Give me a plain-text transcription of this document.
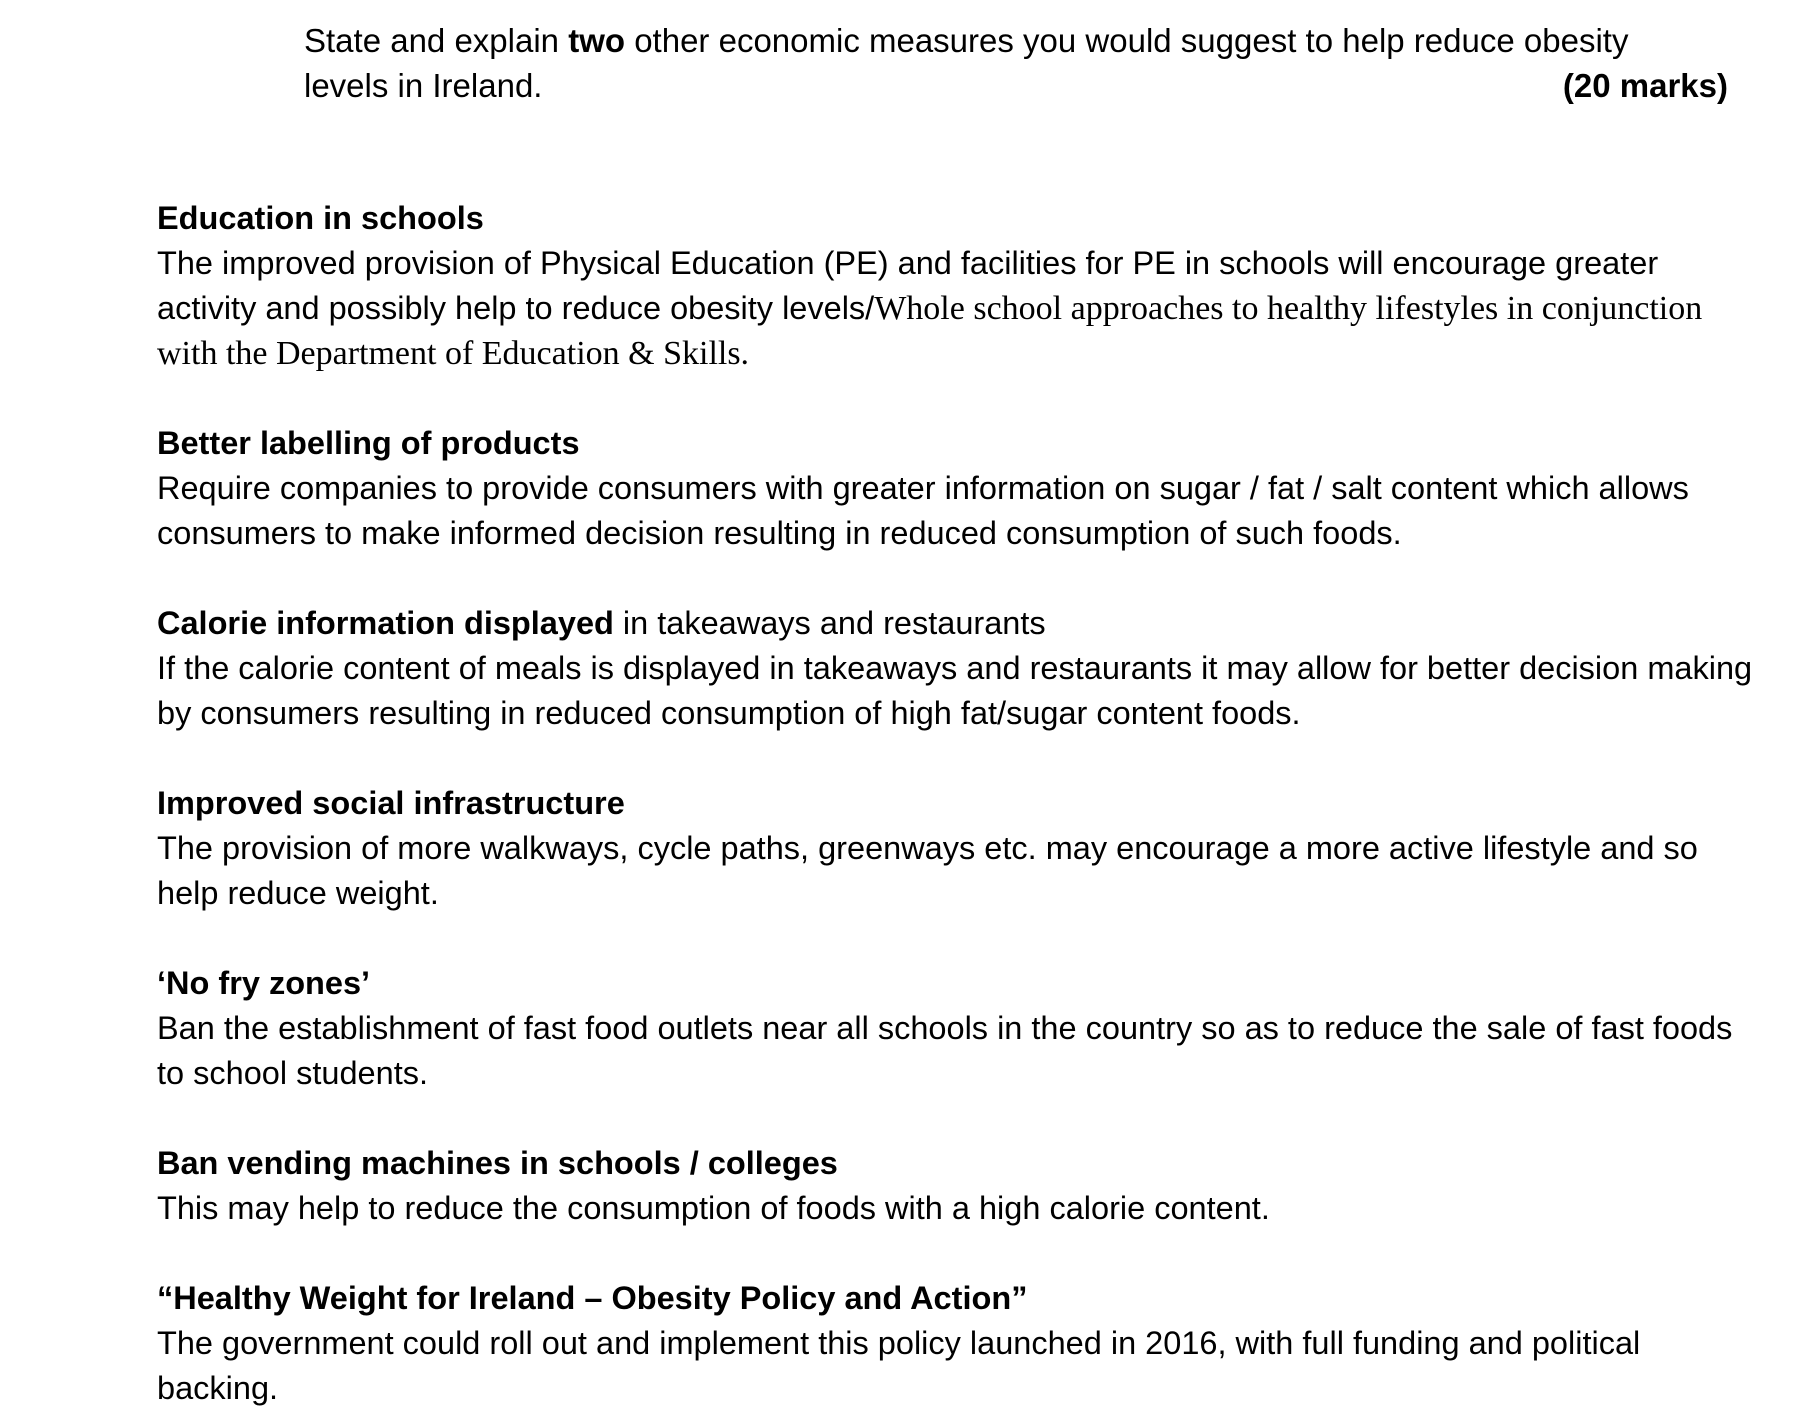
State and explain two other economic measures you would suggest to help reduce obesity
levels in Ireland.	(20 marks)
Education in schools
The improved provision of Physical Education (PE) and facilities for PE in schools will encourage greater activity and possibly help to reduce obesity levels/Whole school approaches to healthy lifestyles in conjunction with the Department of Education & Skills.
Better labelling of products
Require companies to provide consumers with greater information on sugar / fat / salt content which allows consumers to make informed decision resulting in reduced consumption of such foods.
Calorie information displayed in takeaways and restaurants
If the calorie content of meals is displayed in takeaways and restaurants it may allow for better decision making by consumers resulting in reduced consumption of high fat/sugar content foods.
Improved social infrastructure
The provision of more walkways, cycle paths, greenways etc. may encourage a more active lifestyle and so help reduce weight.
‘No fry zones’
Ban the establishment of fast food outlets near all schools in the country so as to reduce the sale of fast foods to school students.
Ban vending machines in schools / colleges
This may help to reduce the consumption of foods with a high calorie content.
“Healthy Weight for Ireland – Obesity Policy and Action”
The government could roll out and implement this policy launched in 2016, with full funding and political backing.
